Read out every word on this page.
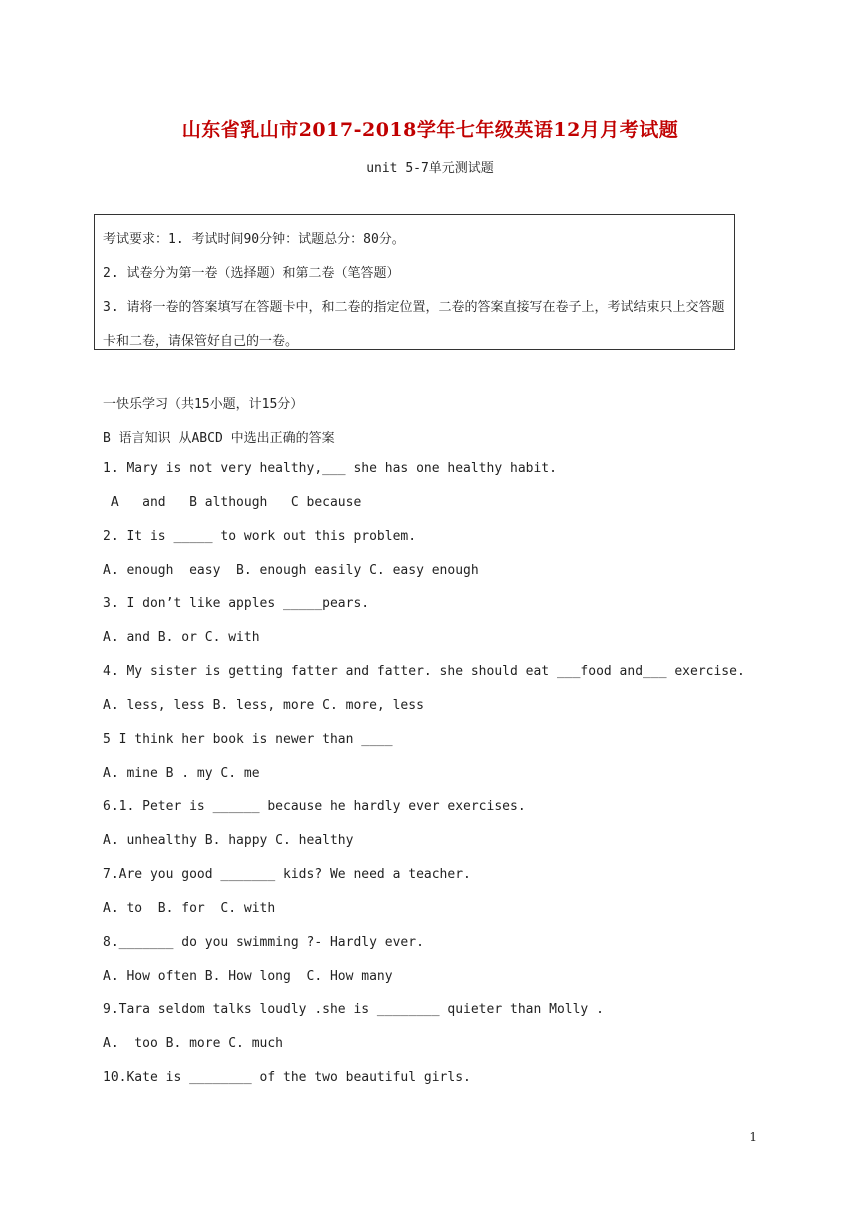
山东省乳山市2017-2018学年七年级英语12月月考试题
unit 5-7单元测试题

考试要求：1. 考试时间90分钟：试题总分：80分。

2. 试卷分为第一卷（选择题）和第二卷（笔答题）

3. 请将一卷的答案填写在答题卡中，和二卷的指定位置，二卷的答案直接写在卷子上，考试结束只上交答题卡和二卷，请保管好自己的一卷。

一快乐学习（共15小题，计15分）
B 语言知识 从ABCD 中选出正确的答案
1. Mary is not very healthy,___ she has one healthy habit.
A   and   B although   C because
2. It is _____ to work out this problem.
A. enough  easy  B. enough easily C. easy enough
3. I don’t like apples _____pears.
A. and B. or C. with
4. My sister is getting fatter and fatter. she should eat ___food and___ exercise.
A. less, less B. less, more C. more, less
5 I think her book is newer than ____
A. mine B . my C. me
6.1. Peter is ______ because he hardly ever exercises.
A. unhealthy B. happy C. healthy
7.Are you good _______ kids? We need a teacher.
A. to  B. for  C. with
8._______ do you swimming ?- Hardly ever.
A. How often B. How long  C. How many
9.Tara seldom talks loudly .she is ________ quieter than Molly .
A.  too B. more C. much
10.Kate is ________ of the two beautiful girls.
1
